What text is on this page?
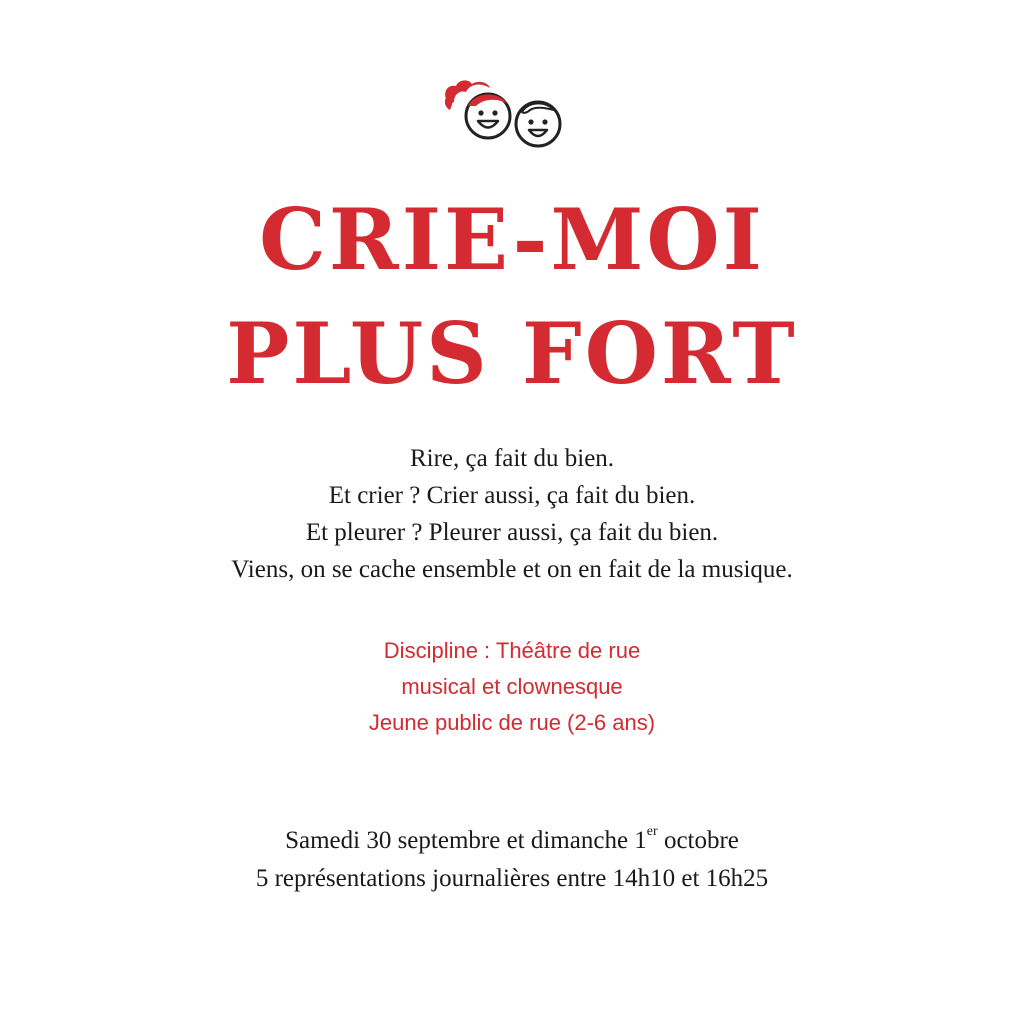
CRIE-MOI
PLUS FORT

Rire, ça fait du bien.
Et crier ? Crier aussi, ça fait du bien.
Et pleurer ? Pleurer aussi, ça fait du bien.
Viens, on se cache ensemble et on en fait de la musique.

Discipline : Théâtre de rue
musical et clownesque
Jeune public de rue (2-6 ans)

Samedi 30 septembre et dimanche 1er octobre
5 représentations journalières entre 14h10 et 16h25
